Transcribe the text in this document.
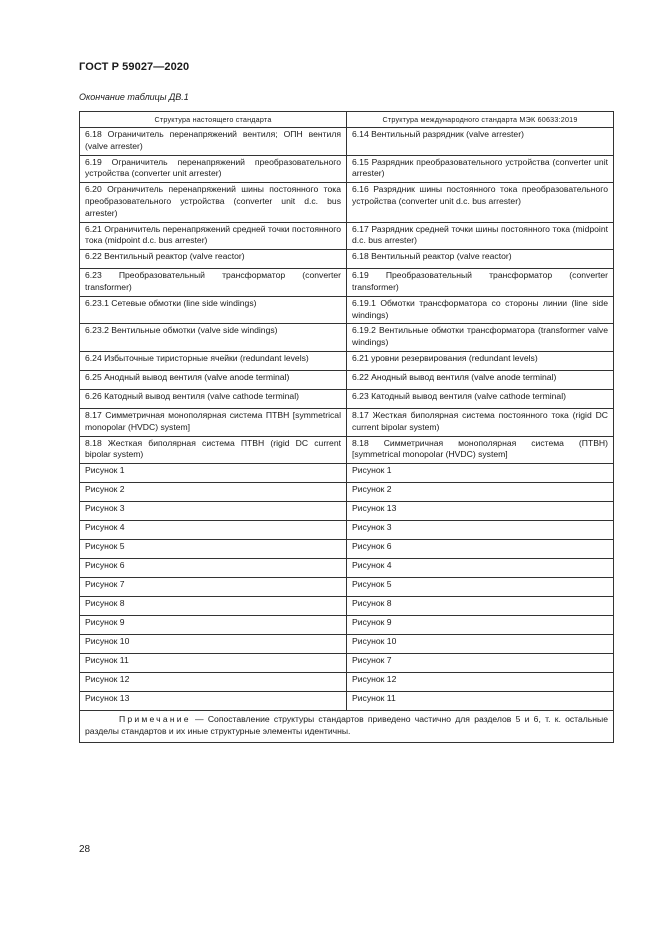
ГОСТ Р 59027—2020
Окончание таблицы ДВ.1
Структура настоящего стандарта	Структура международного стандарта МЭК 60633:2019
6.18 Ограничитель перенапряжений вентиля; ОПН вентиля (valve arrester)	6.14 Вентильный разрядник (valve arrester)
6.19 Ограничитель перенапряжений преобразовательного устройства (converter unit arrester)	6.15 Разрядник преобразовательного устройства (converter unit arrester)
6.20 Ограничитель перенапряжений шины постоянного тока преобразовательного устройства (converter unit d.c. bus arrester)	6.16 Разрядник шины постоянного тока преобразовательного устройства (converter unit d.c. bus arrester)
6.21 Ограничитель перенапряжений средней точки постоянного тока (midpoint d.c. bus arrester)	6.17 Разрядник средней точки шины постоянного тока (midpoint d.c. bus arrester)
6.22 Вентильный реактор (valve reactor)	6.18 Вентильный реактор (valve reactor)
6.23 Преобразовательный трансформатор (converter transformer)	6.19 Преобразовательный трансформатор (converter transformer)
6.23.1 Сетевые обмотки (line side windings)	6.19.1 Обмотки трансформатора со стороны линии (line side windings)
6.23.2 Вентильные обмотки (valve side windings)	6.19.2 Вентильные обмотки трансформатора (transformer valve windings)
6.24 Избыточные тиристорные ячейки (redundant levels)	6.21 уровни резервирования (redundant levels)
6.25 Анодный вывод вентиля (valve anode terminal)	6.22 Анодный вывод вентиля (valve anode terminal)
6.26 Катодный вывод вентиля (valve cathode terminal)	6.23 Катодный вывод вентиля (valve cathode terminal)
8.17 Симметричная монополярная система ПТВН [symmetrical monopolar (HVDC) system]	8.17 Жесткая биполярная система постоянного тока (rigid DC current bipolar system)
8.18 Жесткая биполярная система ПТВН (rigid DC current bipolar system)	8.18 Симметричная монополярная система (ПТВН) [symmetrical monopolar (HVDC) system]
Рисунок 1	Рисунок 1
Рисунок 2	Рисунок 2
Рисунок 3	Рисунок 13
Рисунок 4	Рисунок 3
Рисунок 5	Рисунок 6
Рисунок 6	Рисунок 4
Рисунок 7	Рисунок 5
Рисунок 8	Рисунок 8
Рисунок 9	Рисунок 9
Рисунок 10	Рисунок 10
Рисунок 11	Рисунок 7
Рисунок 12	Рисунок 12
Рисунок 13	Рисунок 11

Примечание — Сопоставление структуры стандартов приведено частично для разделов 5 и 6, т. к. остальные разделы стандартов и их иные структурные элементы идентичны.	
28
